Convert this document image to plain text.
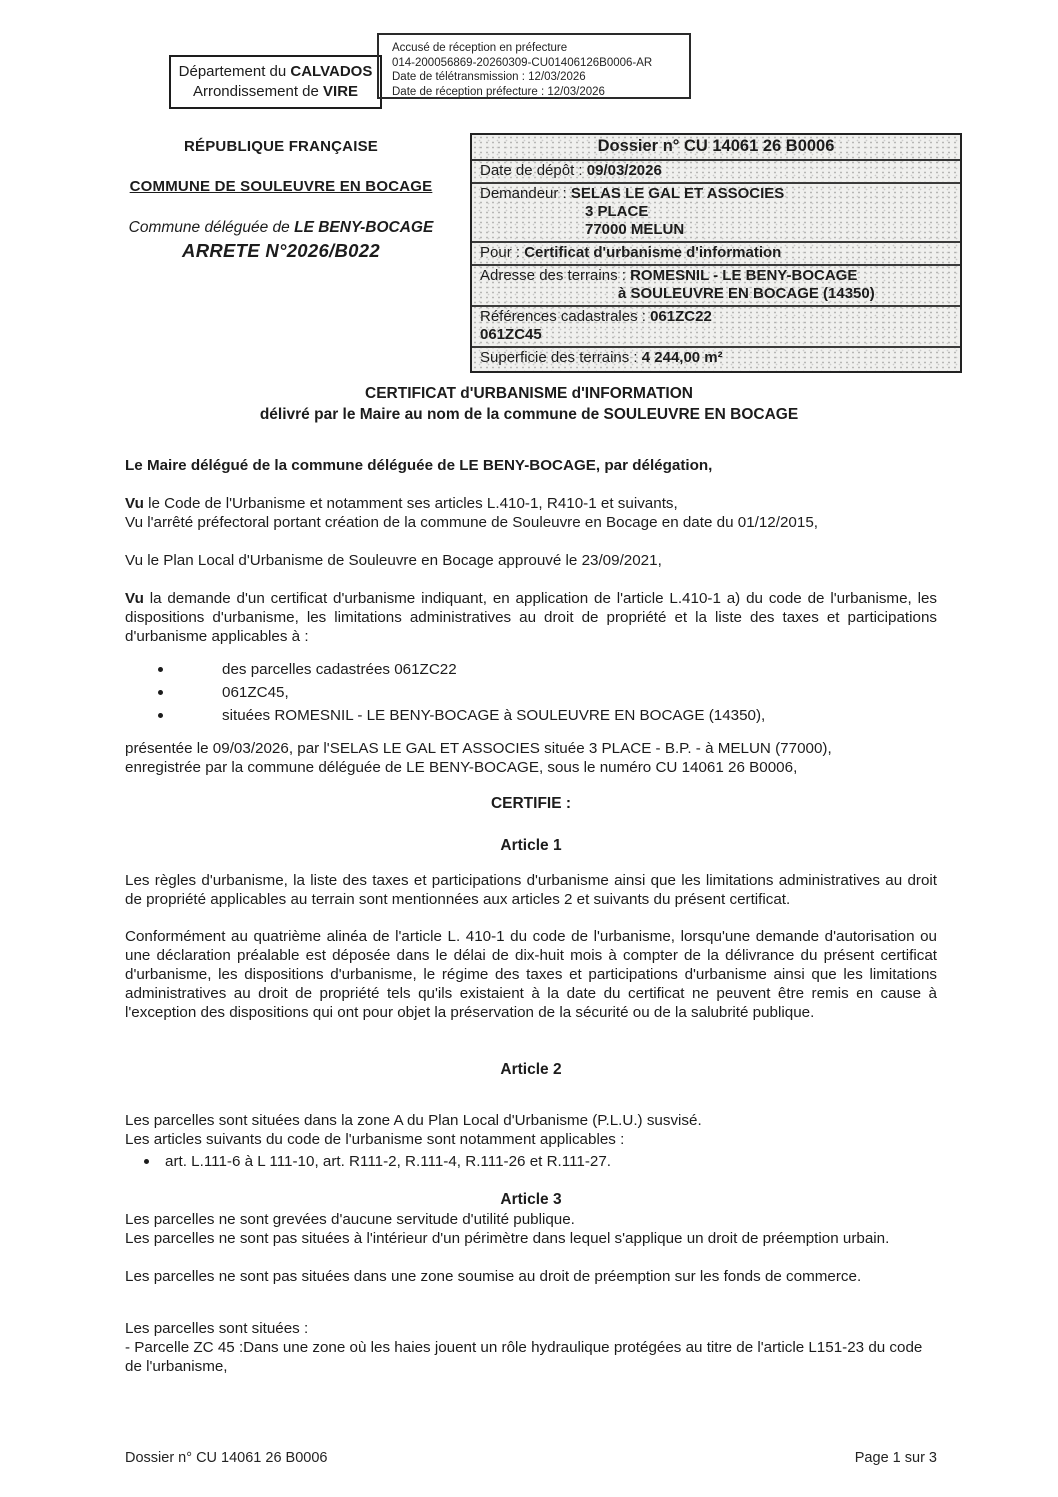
Département du CALVADOS
Arrondissement de VIRE
Accusé de réception en préfecture
014-200056869-20260309-CU01406126B0006-AR
Date de télétransmission : 12/03/2026
Date de réception préfecture : 12/03/2026
RÉPUBLIQUE FRANÇAISE
COMMUNE DE SOULEUVRE EN BOCAGE
Commune déléguée de LE BENY-BOCAGE
ARRETE N°2026/B022
Dossier n° CU 14061 26 B0006
Date de dépôt : 09/03/2026
Demandeur : SELAS LE GAL ET ASSOCIES
3 PLACE
77000 MELUN
Pour : Certificat d'urbanisme d'information
Adresse des terrains : ROMESNIL - LE BENY-BOCAGE
à SOULEUVRE EN BOCAGE (14350)
Références cadastrales : 061ZC22
061ZC45
Superficie des terrains : 4 244,00 m²
CERTIFICAT d'URBANISME d'INFORMATION
délivré par le Maire au nom de la commune de SOULEUVRE EN BOCAGE

Le Maire délégué de la commune déléguée de LE BENY-BOCAGE, par délégation,

Vu le Code de l'Urbanisme et notamment ses articles L.410-1, R410-1 et suivants,
Vu l'arrêté préfectoral portant création de la commune de Souleuvre en Bocage en date du 01/12/2015,

Vu le Plan Local d'Urbanisme de Souleuvre en Bocage approuvé le 23/09/2021,

Vu la demande d'un certificat d'urbanisme indiquant, en application de l'article L.410-1 a) du code de l'urbanisme, les dispositions d'urbanisme, les limitations administratives au droit de propriété et la liste des taxes et participations d'urbanisme applicables à :

des parcelles cadastrées 061ZC22
061ZC45,
situées ROMESNIL - LE BENY-BOCAGE à SOULEUVRE EN BOCAGE (14350),

présentée le 09/03/2026, par l'SELAS LE GAL ET ASSOCIES située 3 PLACE - B.P. - à MELUN (77000),
enregistrée par la commune déléguée de LE BENY-BOCAGE, sous le numéro CU 14061 26 B0006,

CERTIFIE :
Article 1

Les règles d'urbanisme, la liste des taxes et participations d'urbanisme ainsi que les limitations administratives au droit de propriété applicables au terrain sont mentionnées aux articles 2 et suivants du présent certificat.

Conformément au quatrième alinéa de l'article L. 410-1 du code de l'urbanisme, lorsqu'une demande d'autorisation ou une déclaration préalable est déposée dans le délai de dix-huit mois à compter de la délivrance du présent certificat d'urbanisme, les dispositions d'urbanisme, le régime des taxes et participations d'urbanisme ainsi que les limitations administratives au droit de propriété tels qu'ils existaient à la date du certificat ne peuvent être remis en cause à l'exception des dispositions qui ont pour objet la préservation de la sécurité ou de la salubrité publique.

Article 2

Les parcelles sont situées dans la zone A du Plan Local d'Urbanisme (P.L.U.) susvisé.

Les articles suivants du code de l'urbanisme sont notamment applicables :

art. L.111-6 à L 111-10, art. R111-2, R.111-4, R.111-26 et R.111-27.
Article 3

Les parcelles ne sont grevées d'aucune servitude d'utilité publique.

Les parcelles ne sont pas situées à l'intérieur d'un périmètre dans lequel s'applique un droit de préemption urbain.

Les parcelles ne sont pas situées dans une zone soumise au droit de préemption sur les fonds de commerce.

Les parcelles sont situées :

- Parcelle ZC 45 :Dans une zone où les haies jouent un rôle hydraulique protégées au titre de l'article L151-23 du code de l'urbanisme,

Dossier n° CU 14061 26 B0006	Page 1 sur 3
